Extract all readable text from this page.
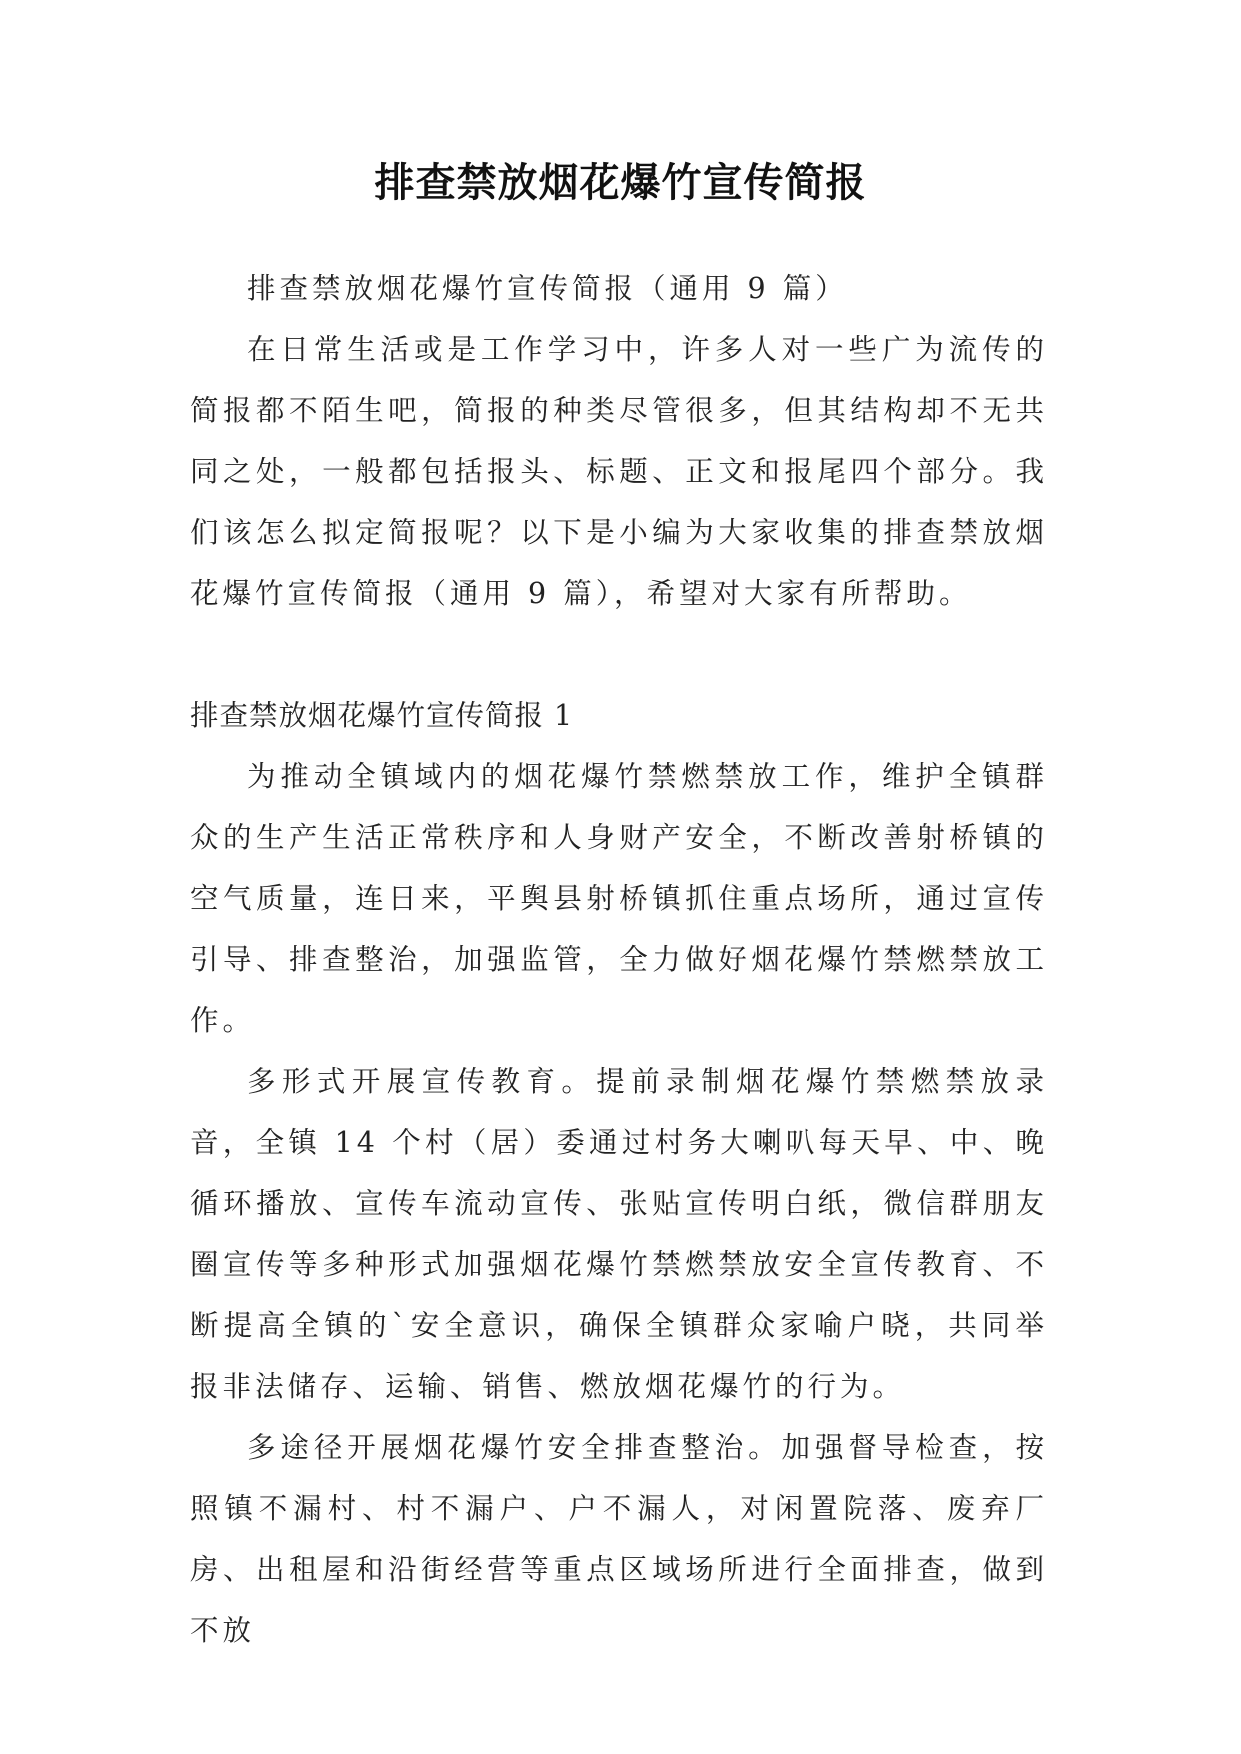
排查禁放烟花爆竹宣传简报

排查禁放烟花爆竹宣传简报（通用 9 篇）

在日常生活或是工作学习中，许多人对一些广为流传的简报都不陌生吧，简报的种类尽管很多，但其结构却不无共同之处，一般都包括报头、标题、正文和报尾四个部分。我们该怎么拟定简报呢？以下是小编为大家收集的排查禁放烟花爆竹宣传简报（通用 9 篇），希望对大家有所帮助。

排查禁放烟花爆竹宣传简报 1

为推动全镇域内的烟花爆竹禁燃禁放工作，维护全镇群众的生产生活正常秩序和人身财产安全，不断改善射桥镇的空气质量，连日来，平舆县射桥镇抓住重点场所，通过宣传引导、排查整治，加强监管，全力做好烟花爆竹禁燃禁放工作。

多形式开展宣传教育。提前录制烟花爆竹禁燃禁放录音，全镇 14 个村（居）委通过村务大喇叭每天早、中、晚循环播放、宣传车流动宣传、张贴宣传明白纸，微信群朋友圈宣传等多种形式加强烟花爆竹禁燃禁放安全宣传教育、不断提高全镇的`安全意识，确保全镇群众家喻户晓，共同举报非法储存、运输、销售、燃放烟花爆竹的行为。

多途径开展烟花爆竹安全排查整治。加强督导检查，按照镇不漏村、村不漏户、户不漏人，对闲置院落、废弃厂房、出租屋和沿街经营等重点区域场所进行全面排查，做到不放
